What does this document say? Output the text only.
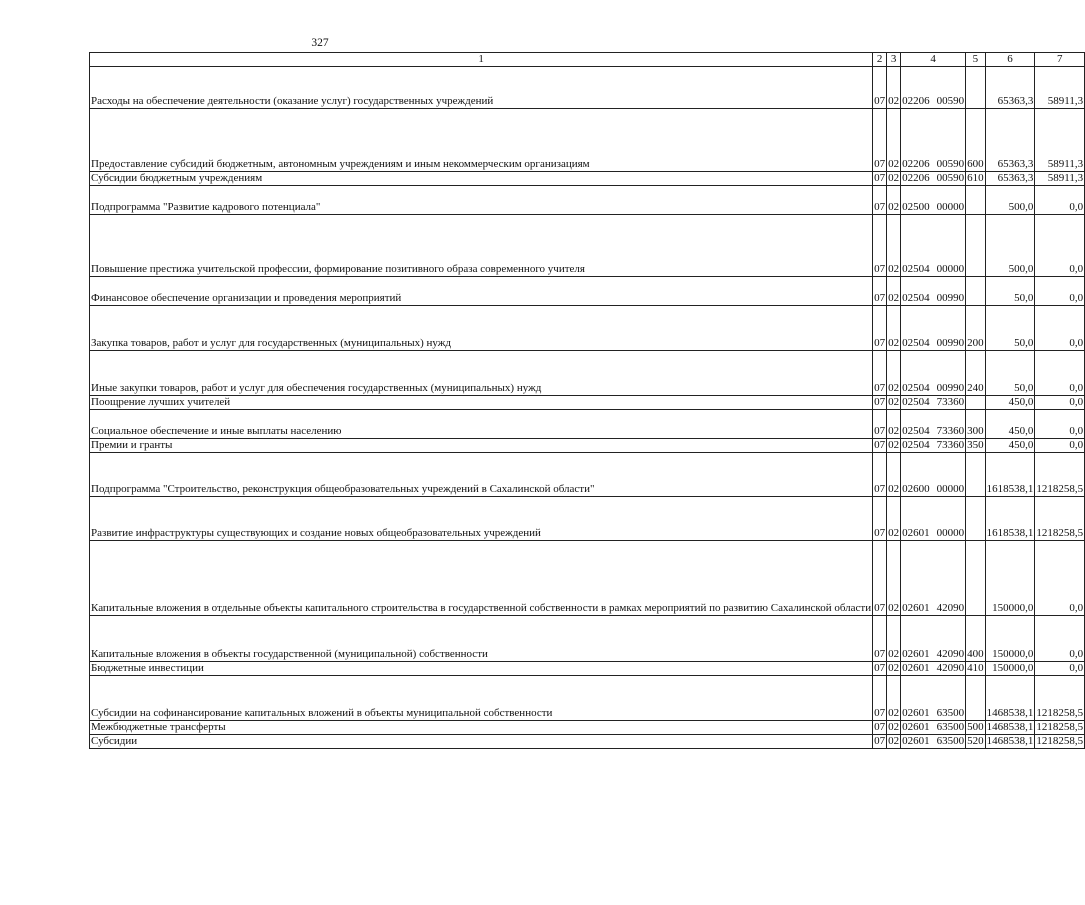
327
1	2	3	4	5	6	7
Расходы на обеспечение деятельности (оказание услуг) государственных учреждений	07	02	02206 00590		65363,3	58911,3
Предоставление субсидий бюджетным, автономным учреждениям и иным некоммерческим организациям	07	02	02206 00590	600	65363,3	58911,3
Субсидии бюджетным учреждениям	07	02	02206 00590	610	65363,3	58911,3
Подпрограмма "Развитие кадрового потенциала"	07	02	02500 00000		500,0	0,0
Повышение престижа учительской профессии, формирование позитивного образа современного учителя	07	02	02504 00000		500,0	0,0
Финансовое обеспечение организации и проведения мероприятий	07	02	02504 00990		50,0	0,0
Закупка товаров, работ и услуг для государственных (муниципальных) нужд	07	02	02504 00990	200	50,0	0,0
Иные закупки товаров, работ и услуг для обеспечения государственных (муниципальных) нужд	07	02	02504 00990	240	50,0	0,0
Поощрение лучших учителей	07	02	02504 73360		450,0	0,0
Социальное обеспечение и иные выплаты населению	07	02	02504 73360	300	450,0	0,0
Премии и гранты	07	02	02504 73360	350	450,0	0,0
Подпрограмма "Строительство, реконструкция общеобразовательных учреждений в Сахалинской области"	07	02	02600 00000		1618538,1	1218258,5
Развитие инфраструктуры существующих и создание новых общеобразовательных учреждений	07	02	02601 00000		1618538,1	1218258,5
Капитальные вложения в отдельные объекты капитального строительства в государственной собственности в рамках мероприятий по развитию Сахалинской области	07	02	02601 42090		150000,0	0,0
Капитальные вложения в объекты государственной (муниципальной) собственности	07	02	02601 42090	400	150000,0	0,0
Бюджетные инвестиции	07	02	02601 42090	410	150000,0	0,0
Субсидии на софинансирование капитальных вложений в объекты муниципальной собственности	07	02	02601 63500		1468538,1	1218258,5
Межбюджетные трансферты	07	02	02601 63500	500	1468538,1	1218258,5
Субсидии	07	02	02601 63500	520	1468538,1	1218258,5
